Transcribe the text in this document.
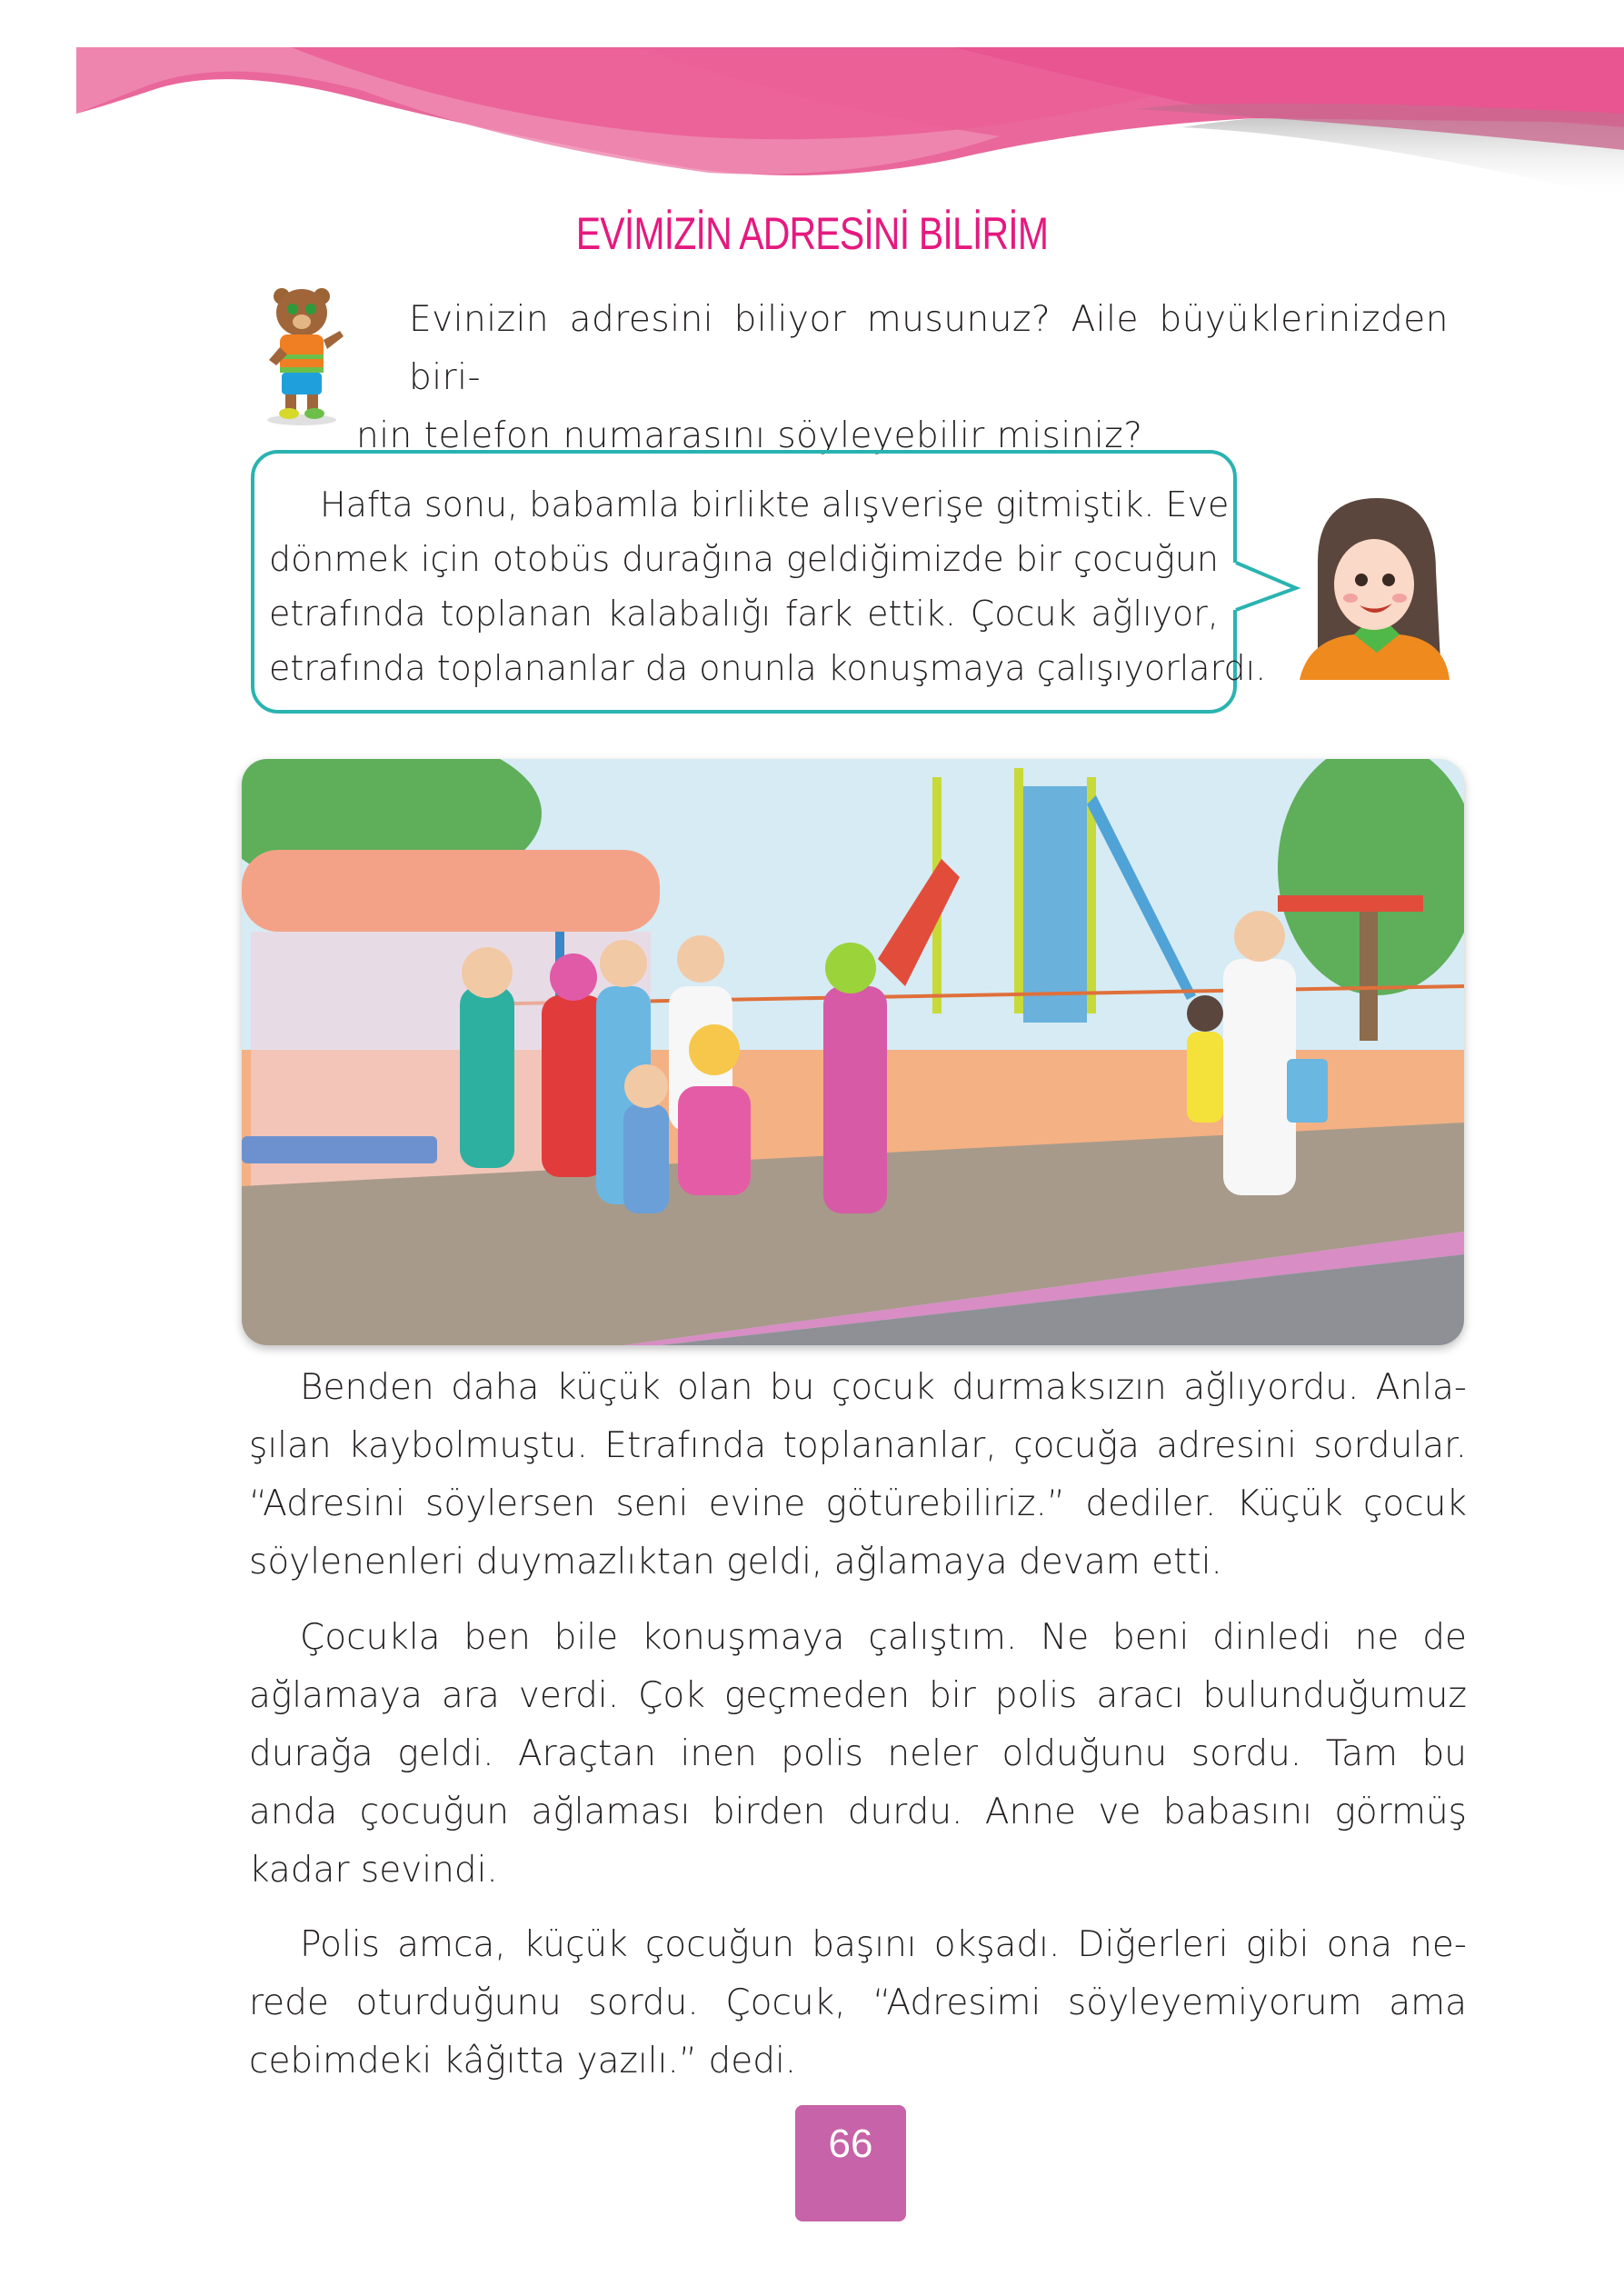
EVİMİZİN ADRESİNİ BİLİRİM

Evinizin adresini biliyor musunuz? Aile büyüklerinizden biri-

nin telefon numarasını söyleyebilir misiniz?

Hafta sonu, babamla birlikte alışverişe gitmiştik. Eve
dönmek için otobüs durağına geldiğimizde bir çocuğun
etrafında toplanan kalabalığı fark ettik. Çocuk ağlıyor,
etrafında toplananlar da onunla konuşmaya çalışıyorlardı.
Benden daha küçük olan bu çocuk durmaksızın ağlıyordu. Anla-
şılan kaybolmuştu. Etrafında toplananlar, çocuğa adresini sordular.
“Adresini söylersen seni evine götürebiliriz.” dediler. Küçük çocuk
söylenenleri duymazlıktan geldi, ağlamaya devam etti.
Çocukla ben bile konuşmaya çalıştım. Ne beni dinledi ne de
ağlamaya ara verdi. Çok geçmeden bir polis aracı bulunduğumuz
durağa geldi. Araçtan inen polis neler olduğunu sordu. Tam bu
anda çocuğun ağlaması birden durdu. Anne ve babasını görmüş
kadar sevindi.
Polis amca, küçük çocuğun başını okşadı. Diğerleri gibi ona ne-
rede oturduğunu sordu. Çocuk, “Adresimi söyleyemiyorum ama
cebimdeki kâğıtta yazılı.” dedi.
66
